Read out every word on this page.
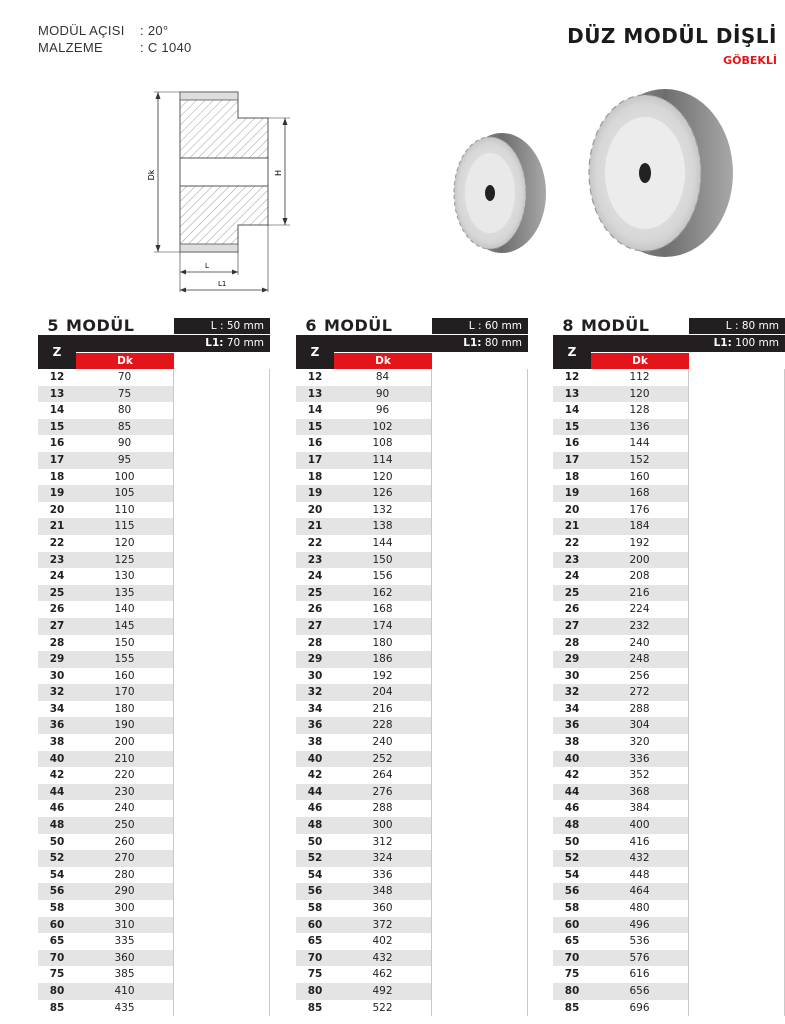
MODÜL AÇISI	: 20°
MALZEME	: C 1040	DÜZ MODÜL DİŞLİ
GÖBEKLİ
Dk	H
L
L1
5 MODÜL	L : 50 mm
Z
L1: 70 mm
Dk
12	70
13	75
14	80
15	85
16	90
17	95
18	100
19	105
20	110
21	115
22	120
23	125
24	130
25	135
26	140
27	145
28	150
29	155
30	160
32	170
34	180
36	190
38	200
40	210
42	220
44	230
46	240
48	250
50	260
52	270
54	280
56	290
58	300
60	310
65	335
70	360
75	385
80	410
85	435
6 MODÜL	L : 60 mm
Z
L1: 80 mm
Dk
12	84
13	90
14	96
15	102
16	108
17	114
18	120
19	126
20	132
21	138
22	144
23	150
24	156
25	162
26	168
27	174
28	180
29	186
30	192
32	204
34	216
36	228
38	240
40	252
42	264
44	276
46	288
48	300
50	312
52	324
54	336
56	348
58	360
60	372
65	402
70	432
75	462
80	492
85	522
8 MODÜL	L : 80 mm
Z
L1: 100 mm
Dk
12	112
13	120
14	128
15	136
16	144
17	152
18	160
19	168
20	176
21	184
22	192
23	200
24	208
25	216
26	224
27	232
28	240
29	248
30	256
32	272
34	288
36	304
38	320
40	336
42	352
44	368
46	384
48	400
50	416
52	432
54	448
56	464
58	480
60	496
65	536
70	576
75	616
80	656
85	696
